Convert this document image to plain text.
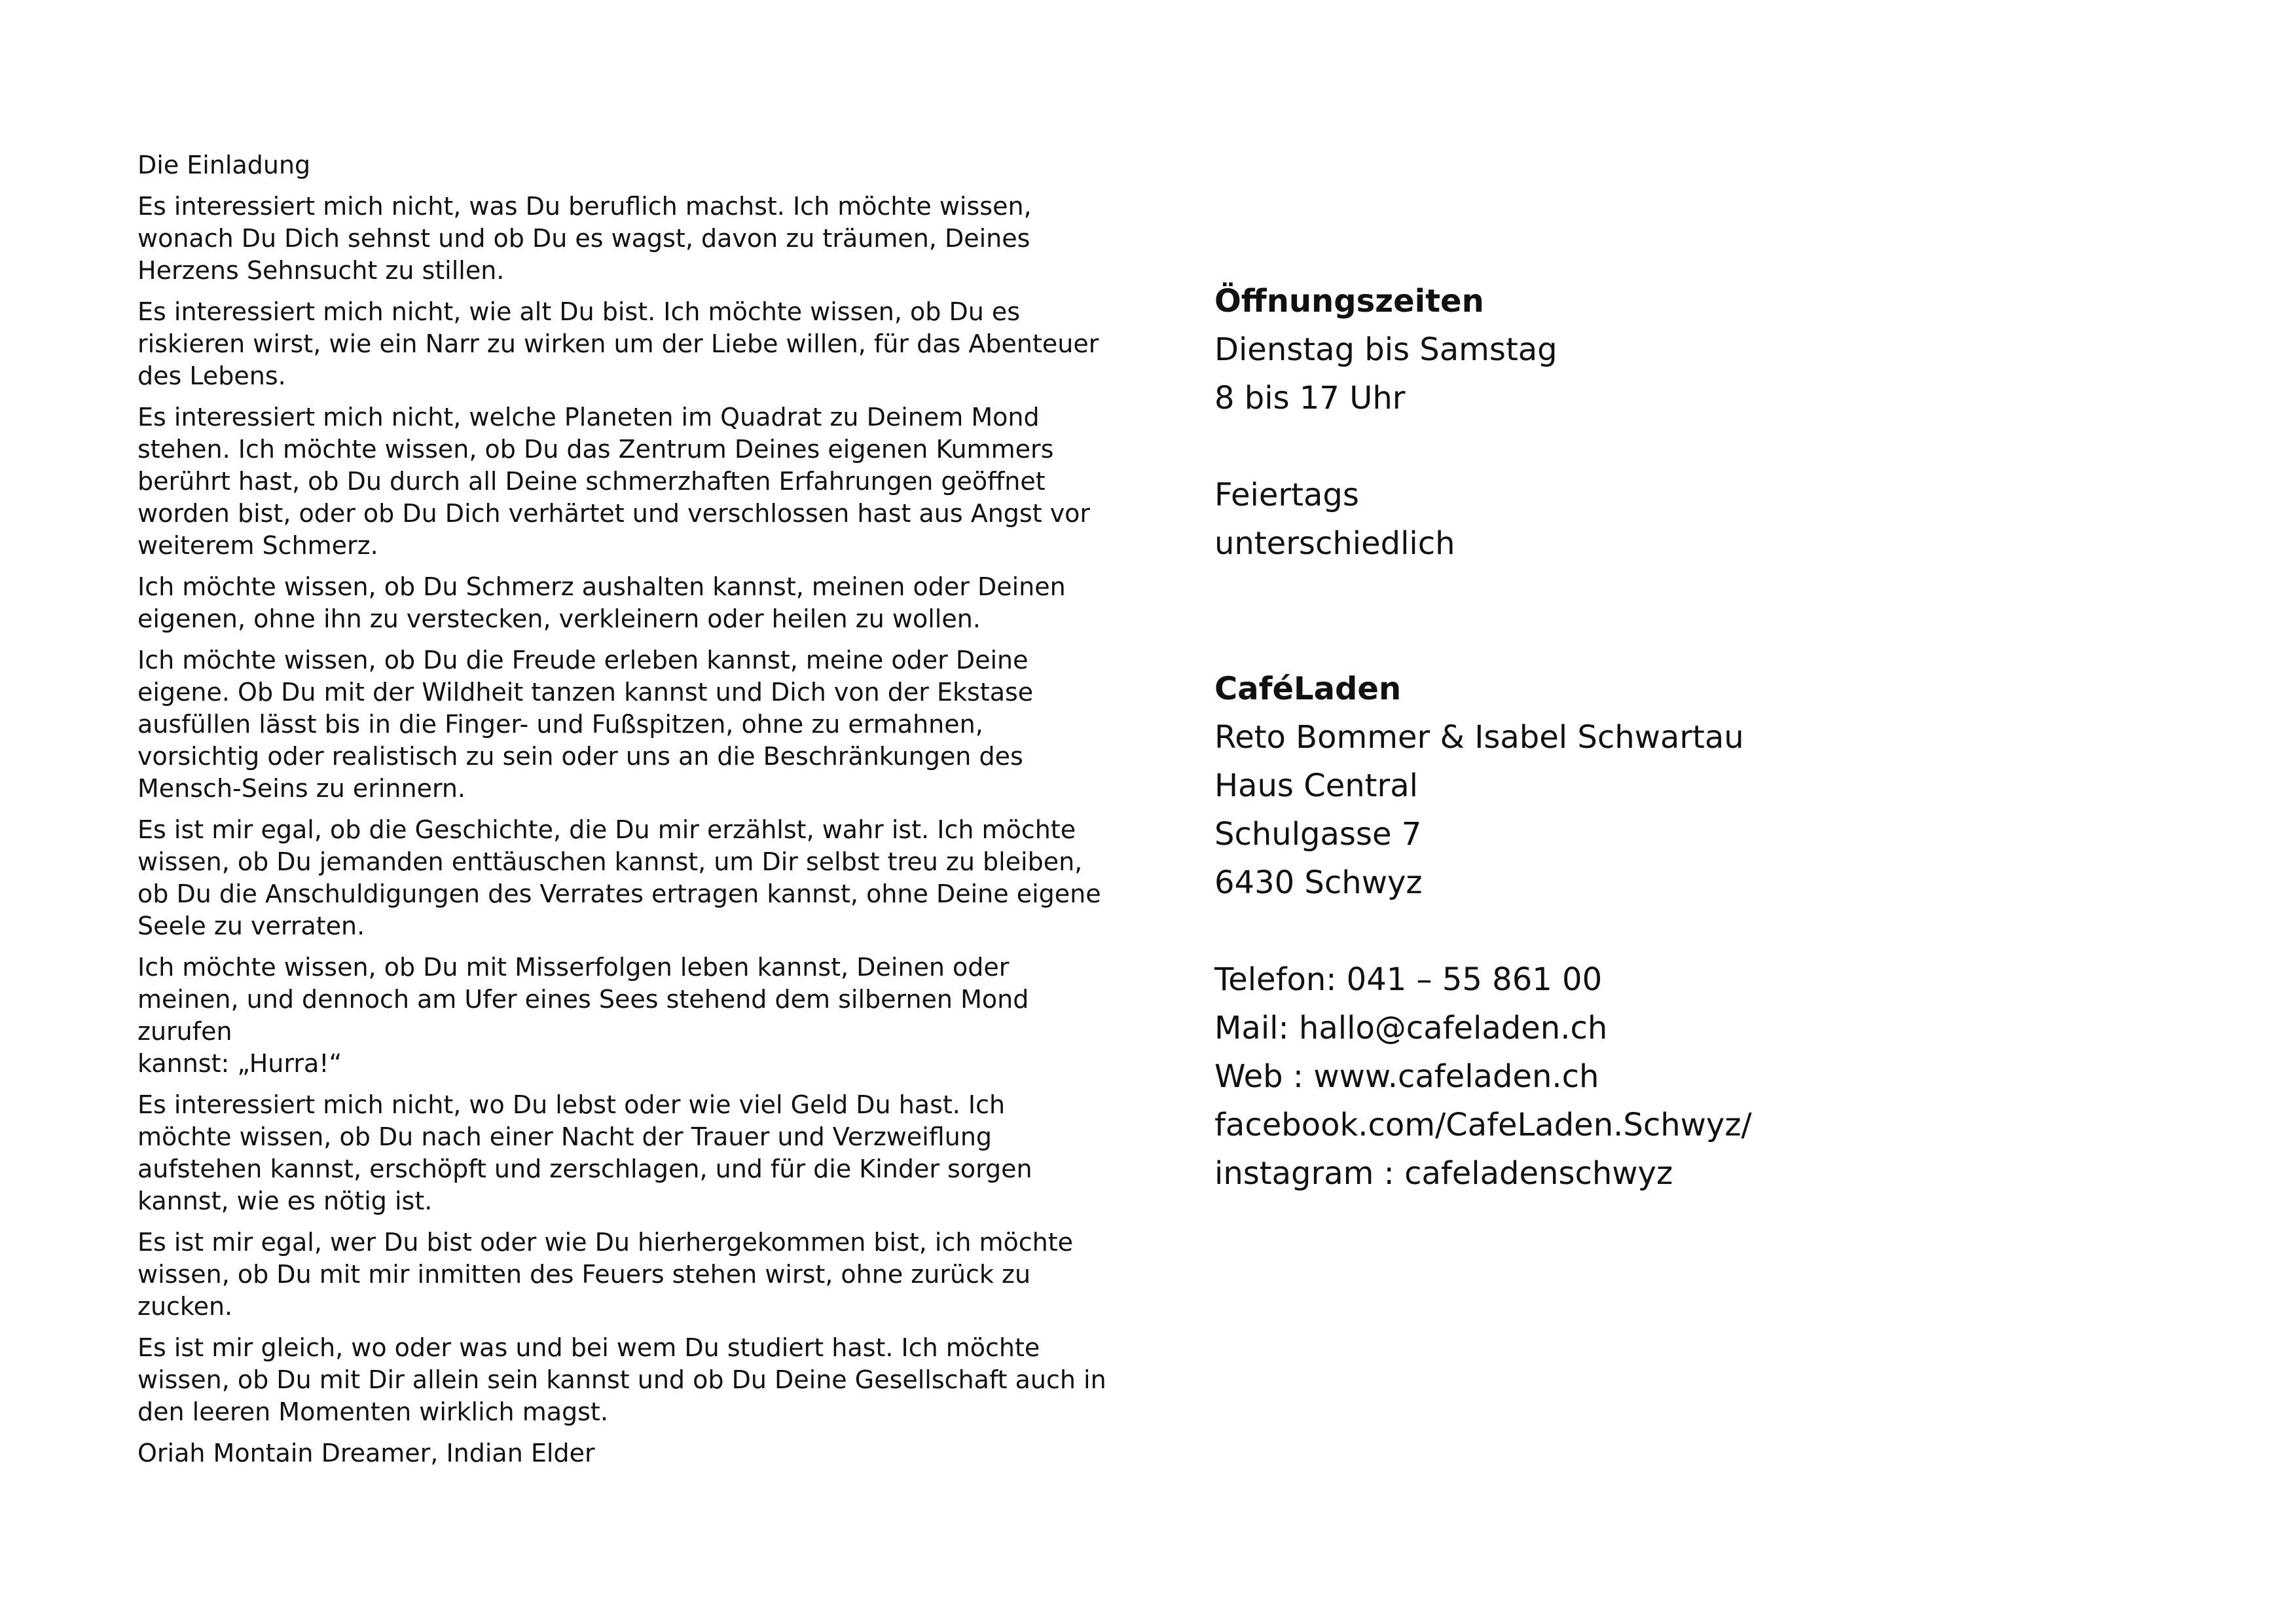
Die Einladung

Es interessiert mich nicht, was Du beruflich machst. Ich möchte wissen, wonach Du Dich sehnst und ob Du es wagst, davon zu träumen, Deines Herzens Sehnsucht zu stillen.

Es interessiert mich nicht, wie alt Du bist. Ich möchte wissen, ob Du es riskieren wirst, wie ein Narr zu wirken um der Liebe willen, für das Abenteuer des Lebens.

Es interessiert mich nicht, welche Planeten im Quadrat zu Deinem Mond stehen. Ich möchte wissen, ob Du das Zentrum Deines eigenen Kummers berührt hast, ob Du durch all Deine schmerzhaften Erfahrungen geöffnet worden bist, oder ob Du Dich verhärtet und verschlossen hast aus Angst vor weiterem Schmerz.

Ich möchte wissen, ob Du Schmerz aushalten kannst, meinen oder Deinen eigenen, ohne ihn zu verstecken, verkleinern oder heilen zu wollen.

Ich möchte wissen, ob Du die Freude erleben kannst, meine oder Deine eigene. Ob Du mit der Wildheit tanzen kannst und Dich von der Ekstase ausfüllen lässt bis in die Finger- und Fußspitzen, ohne zu ermahnen, vorsichtig oder realistisch zu sein oder uns an die Beschränkungen des Mensch-Seins zu erinnern.

Es ist mir egal, ob die Geschichte, die Du mir erzählst, wahr ist. Ich möchte wissen, ob Du jemanden enttäuschen kannst, um Dir selbst treu zu bleiben, ob Du die Anschuldigungen des Verrates ertragen kannst, ohne Deine eigene Seele zu verraten.

Ich möchte wissen, ob Du mit Misserfolgen leben kannst, Deinen oder meinen, und dennoch am Ufer eines Sees stehend dem silbernen Mond zurufen
kannst: „Hurra!“

Es interessiert mich nicht, wo Du lebst oder wie viel Geld Du hast. Ich möchte wissen, ob Du nach einer Nacht der Trauer und Verzweiflung aufstehen kannst, erschöpft und zerschlagen, und für die Kinder sorgen kannst, wie es nötig ist.

Es ist mir egal, wer Du bist oder wie Du hierhergekommen bist, ich möchte wissen, ob Du mit mir inmitten des Feuers stehen wirst, ohne zurück zu zucken.

Es ist mir gleich, wo oder was und bei wem Du studiert hast. Ich möchte wissen, ob Du mit Dir allein sein kannst und ob Du Deine Gesellschaft auch in den leeren Momenten wirklich magst.

Oriah Montain Dreamer, Indian Elder

Öffnungszeiten
Dienstag bis Samstag
8 bis 17 Uhr
Feiertags
unterschiedlich
CaféLaden
Reto Bommer & Isabel Schwartau
Haus Central
Schulgasse 7
6430 Schwyz
Telefon: 041 – 55 861 00
Mail: hallo@cafeladen.ch
Web : www.cafeladen.ch
facebook.com/CafeLaden.Schwyz/
instagram : cafeladenschwyz
